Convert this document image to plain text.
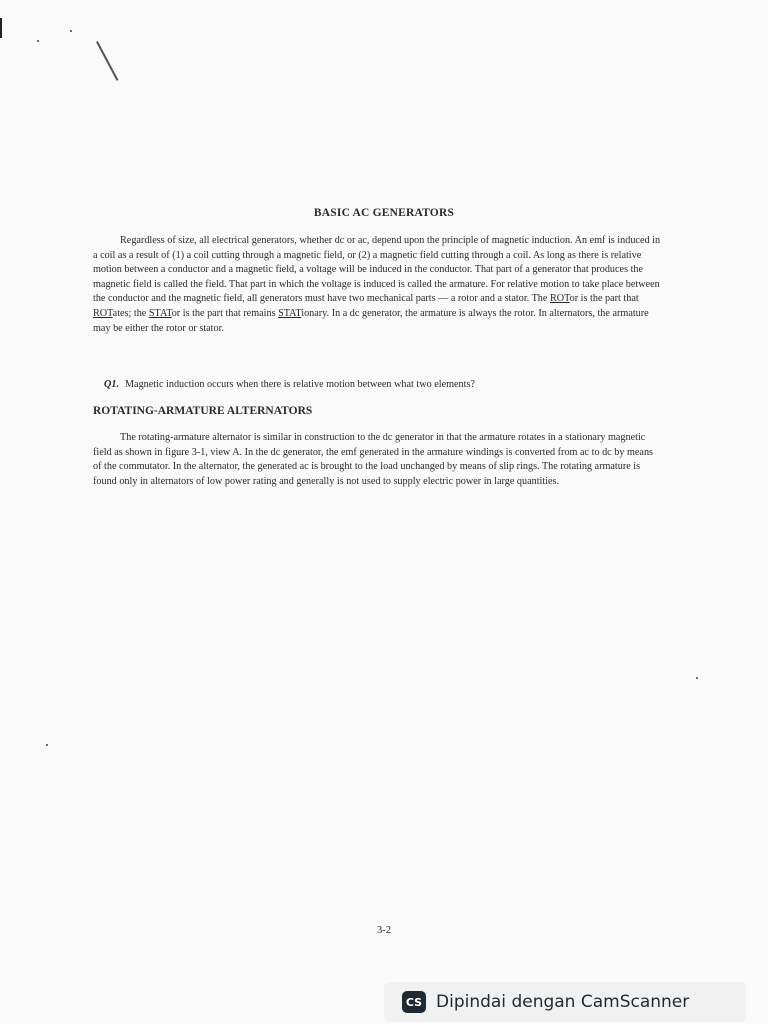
BASIC AC GENERATORS

Regardless of size, all electrical generators, whether dc or ac, depend upon the principle of magnetic induction. An emf is induced in a coil as a result of (1) a coil cutting through a magnetic field, or (2) a magnetic field cutting through a coil. As long as there is relative motion between a conductor and a magnetic field, a voltage will be induced in the conductor. That part of a generator that produces the magnetic field is called the field. That part in which the voltage is induced is called the armature. For relative motion to take place between the conductor and the magnetic field, all generators must have two mechanical parts — a rotor and a stator. The ROTor is the part that ROTates; the STATor is the part that remains STATionary. In a dc generator, the armature is always the rotor. In alternators, the armature may be either the rotor or stator.

Q1. Magnetic induction occurs when there is relative motion between what two elements?
ROTATING-ARMATURE ALTERNATORS

The rotating-armature alternator is similar in construction to the dc generator in that the armature rotates in a stationary magnetic field as shown in figure 3-1, view A. In the dc generator, the emf generated in the armature windings is converted from ac to dc by means of the commutator. In the alternator, the generated ac is brought to the load unchanged by means of slip rings. The rotating armature is found only in alternators of low power rating and generally is not used to supply electric power in large quantities.

3-2
CS Dipindai dengan CamScanner
